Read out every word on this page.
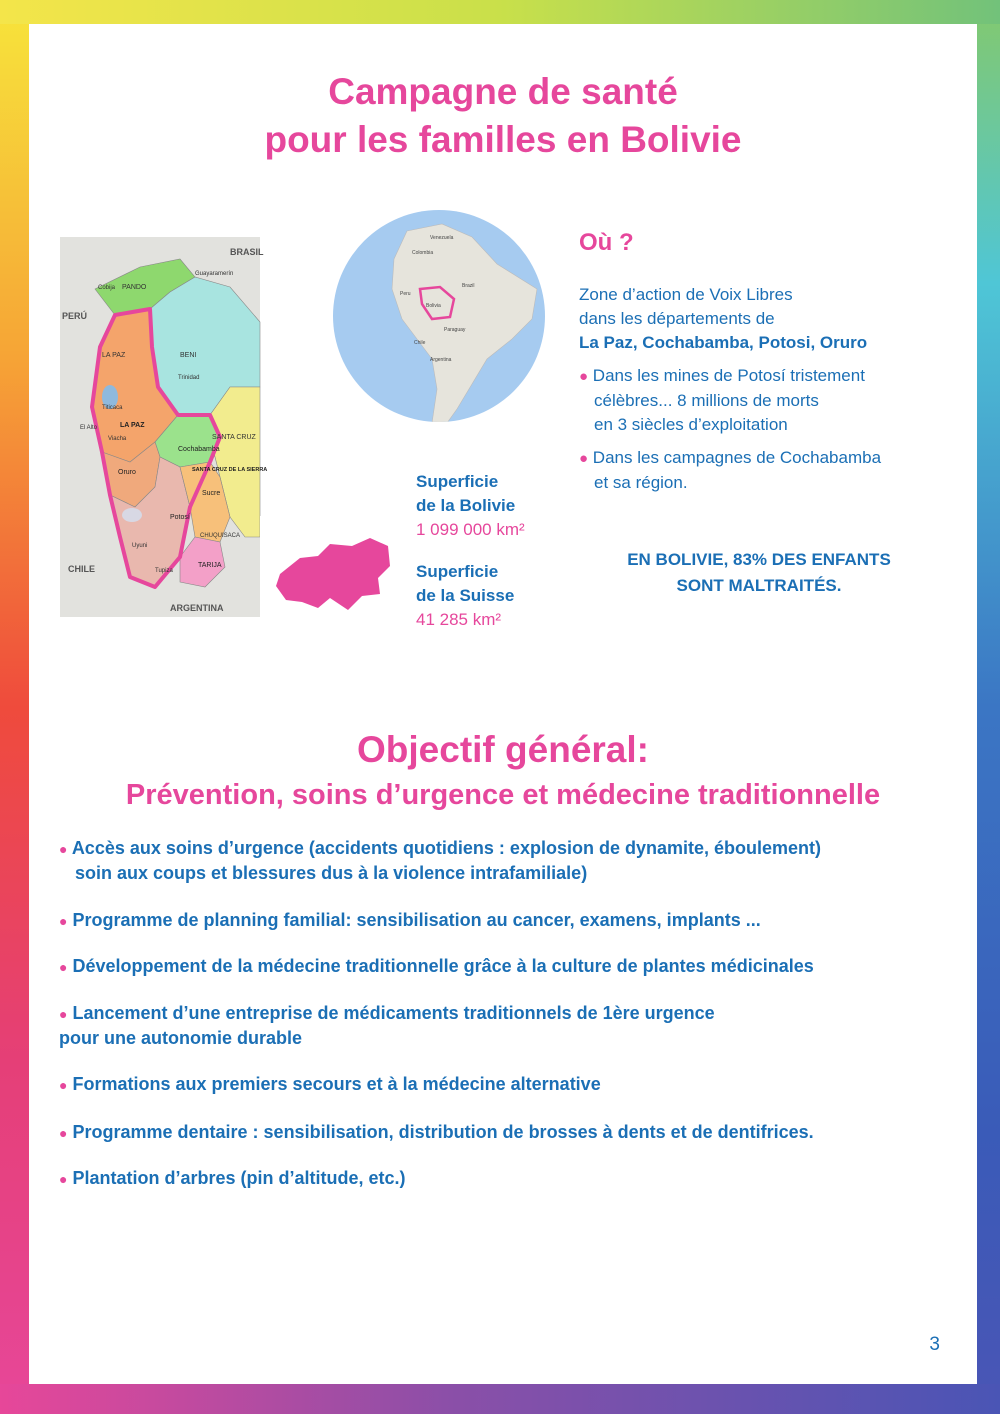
Campagne de santé
pour les familles en Bolivie
BRASIL
PERÚ
PANDO
Cobija
Guayaramerín
BENI
Trinidad
LA PAZ
Titicaca
LA PAZ
El Alto
Viacha
Cochabamba
Oruro
SANTA CRUZ
SANTA CRUZ DE LA SIERRA
Sucre
Potosí
Uyuni
Tupiza
CHILE
ARGENTINA
CHUQUISACA
TARIJA
Venezuela
Colombia
Brazil
Peru
Bolivia
Paraguay
Chile
Argentina
Superficie
de la Bolivie
1 099 000 km²
Superficie
de la Suisse
41 285 km²
Où ?
Zone d’action de Voix Libres
dans les départements de
La Paz, Cochabamba, Potosi, Oruro
● Dans les mines de Potosí tristement
célèbres... 8 millions de morts
en 3 siècles d’exploitation
● Dans les campagnes de Cochabamba
et sa région.
EN BOLIVIE, 83% DES ENFANTS
SONT MALTRAITÉS.
Objectif général:
Prévention, soins d’urgence et médecine traditionnelle
● Accès aux soins d’urgence (accidents quotidiens : explosion de dynamite, éboulement)
soin aux coups et blessures dus à la violence intrafamiliale)
● Programme de planning familial: sensibilisation au cancer, examens, implants ...
● Développement de la médecine traditionnelle grâce à la culture de plantes médicinales
● Lancement d’une entreprise de médicaments traditionnels de 1ère urgence
pour une autonomie durable
● Formations aux premiers secours et à la médecine alternative
● Programme dentaire : sensibilisation, distribution de brosses à dents et de dentifrices.
● Plantation d’arbres (pin d’altitude, etc.)
3
